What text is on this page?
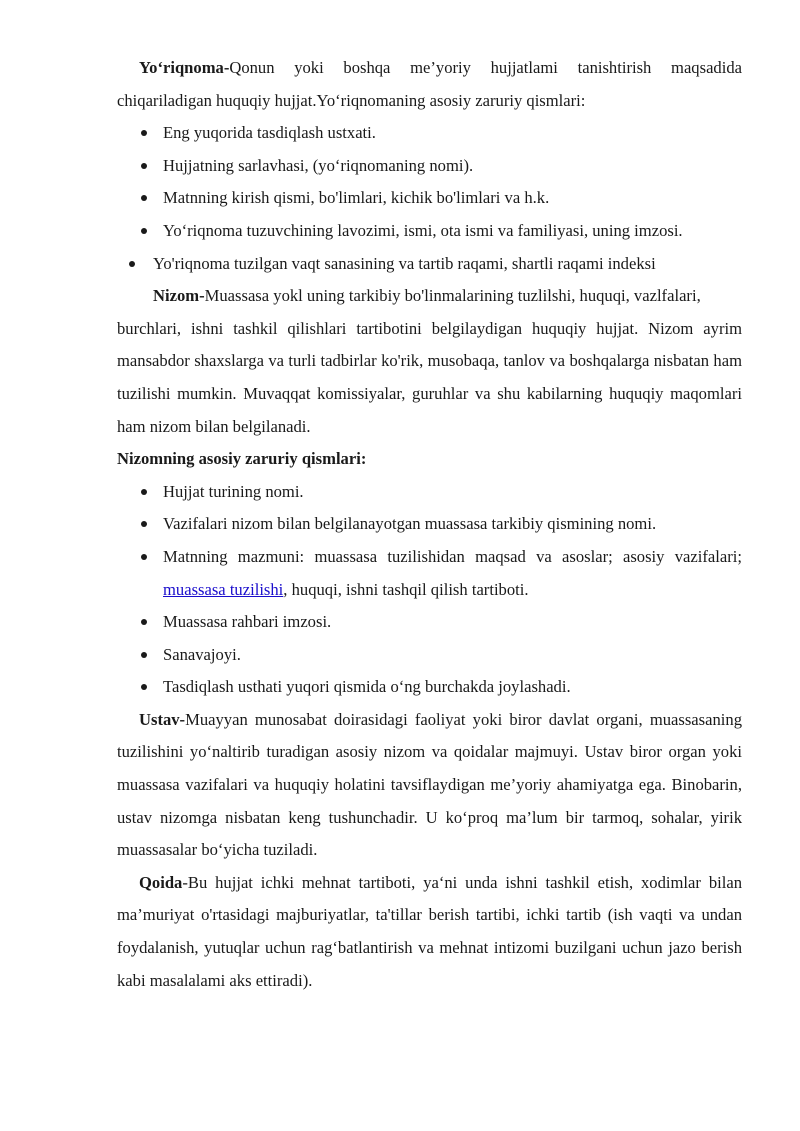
Yo‘riqnoma-Qonun yoki boshqa me’yoriy hujjatlami tanishtirish maqsadida chiqariladigan huquqiy hujjat.Yo‘riqnomaning asosiy zaruriy qismlari:

Eng yuqorida tasdiqlash ustxati.
Hujjatning sarlavhasi, (yo‘riqnomaning nomi).
Matnning kirish qismi, bo'limlari, kichik bo'limlari va h.k.
Yo‘riqnoma tuzuvchining lavozimi, ismi, ota ismi va familiyasi, uning imzosi.
Yo'riqnoma tuzilgan vaqt sanasining va tartib raqami, shartli raqami indeksi
Nizom-Muassasa yokl uning tarkibiy bo'linmalarining tuzlilshi, huquqi, vazlfalari,

burchlari, ishni tashkil qilishlari tartibotini belgilaydigan huquqiy hujjat. Nizom ayrim mansabdor shaxslarga va turli tadbirlar ko'rik, musobaqa, tanlov va boshqalarga nisbatan ham tuzilishi mumkin. Muvaqqat komissiyalar, guruhlar va shu kabilarning huquqiy maqomlari ham nizom bilan belgilanadi.

Nizomning asosiy zaruriy qismlari:

Hujjat turining nomi.
Vazifalari nizom bilan belgilanayotgan muassasa tarkibiy qismining nomi.
Matnning mazmuni: muassasa tuzilishidan maqsad va asoslar; asosiy vazifalari; muassasa tuzilishi, huquqi, ishni tashqil qilish tartiboti.
Muassasa rahbari imzosi.
Sanavajoyi.
Tasdiqlash usthati yuqori qismida o‘ng burchakda joylashadi.

Ustav-Muayyan munosabat doirasidagi faoliyat yoki biror davlat organi, muassasaning tuzilishini yo‘naltirib turadigan asosiy nizom va qoidalar majmuyi. Ustav biror organ yoki muassasa vazifalari va huquqiy holatini tavsiflaydigan me’yoriy ahamiyatga ega. Binobarin, ustav nizomga nisbatan keng tushunchadir. U ko‘proq ma’lum bir tarmoq, sohalar, yirik muassasalar bo‘yicha tuziladi.

Qoida-Bu hujjat ichki mehnat tartiboti, ya‘ni unda ishni tashkil etish, xodimlar bilan ma’muriyat o'rtasidagi majburiyatlar, ta'tillar berish tartibi, ichki tartib (ish vaqti va undan foydalanish, yutuqlar uchun rag‘batlantirish va mehnat intizomi buzilgani uchun jazo berish kabi masalalami aks ettiradi).
